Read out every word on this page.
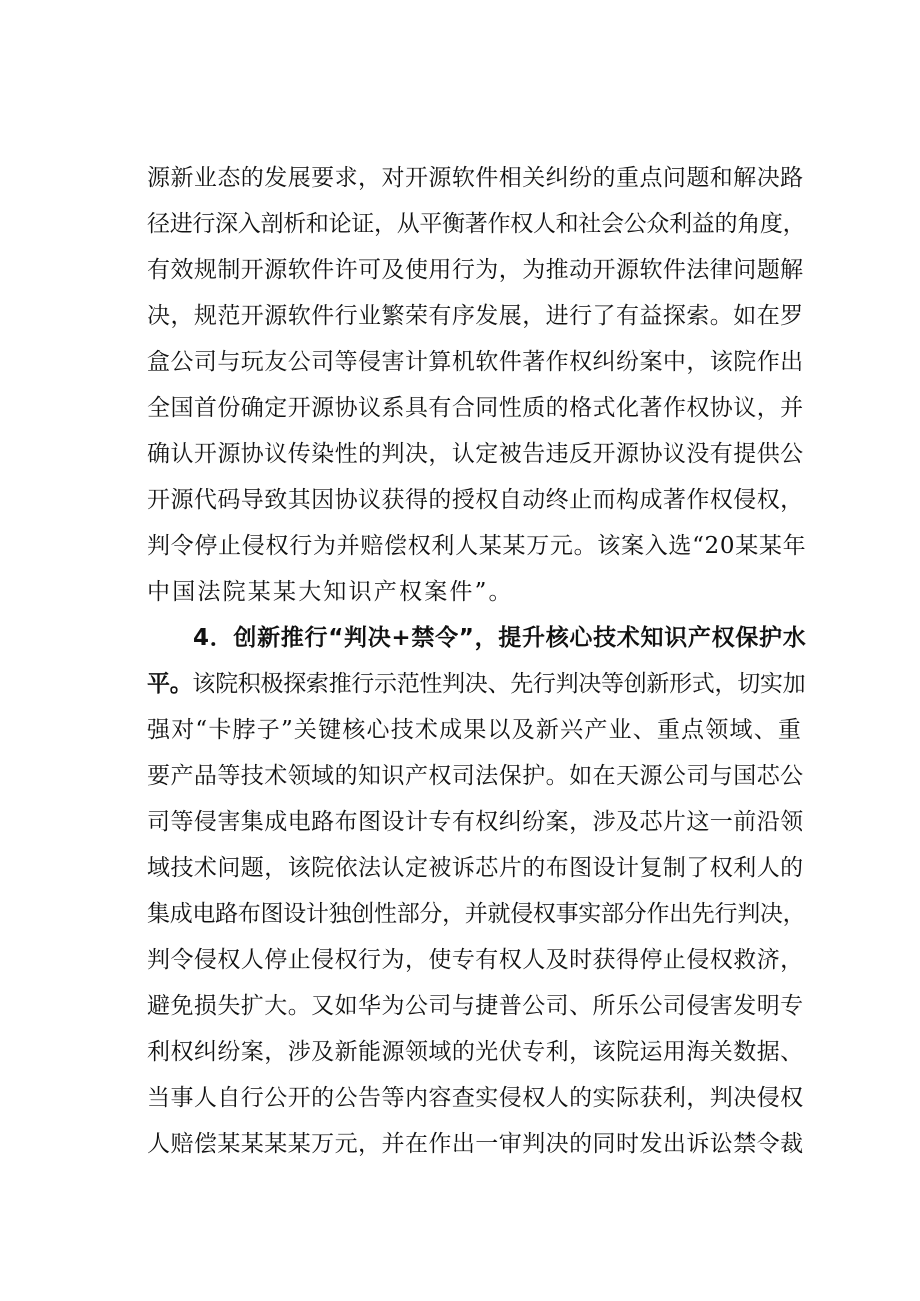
源新业态的发展要求，对开源软件相关纠纷的重点问题和解决路
径进行深入剖析和论证，从平衡著作权人和社会公众利益的角度，
有效规制开源软件许可及使用行为，为推动开源软件法律问题解
决，规范开源软件行业繁荣有序发展，进行了有益探索。如在罗
盒公司与玩友公司等侵害计算机软件著作权纠纷案中，该院作出
全国首份确定开源协议系具有合同性质的格式化著作权协议，并
确认开源协议传染性的判决，认定被告违反开源协议没有提供公
开源代码导致其因协议获得的授权自动终止而构成著作权侵权，
判令停止侵权行为并赔偿权利人某某万元。该案入选“20某某年
中国法院某某大知识产权案件”。
4．创新推行“判决+禁令”，提升核心技术知识产权保护水
平。该院积极探索推行示范性判决、先行判决等创新形式，切实加
强对“卡脖子”关键核心技术成果以及新兴产业、重点领域、重
要产品等技术领域的知识产权司法保护。如在天源公司与国芯公
司等侵害集成电路布图设计专有权纠纷案，涉及芯片这一前沿领
域技术问题，该院依法认定被诉芯片的布图设计复制了权利人的
集成电路布图设计独创性部分，并就侵权事实部分作出先行判决，
判令侵权人停止侵权行为，使专有权人及时获得停止侵权救济，
避免损失扩大。又如华为公司与捷普公司、所乐公司侵害发明专
利权纠纷案，涉及新能源领域的光伏专利，该院运用海关数据、
当事人自行公开的公告等内容查实侵权人的实际获利，判决侵权
人赔偿某某某某万元，并在作出一审判决的同时发出诉讼禁令裁
